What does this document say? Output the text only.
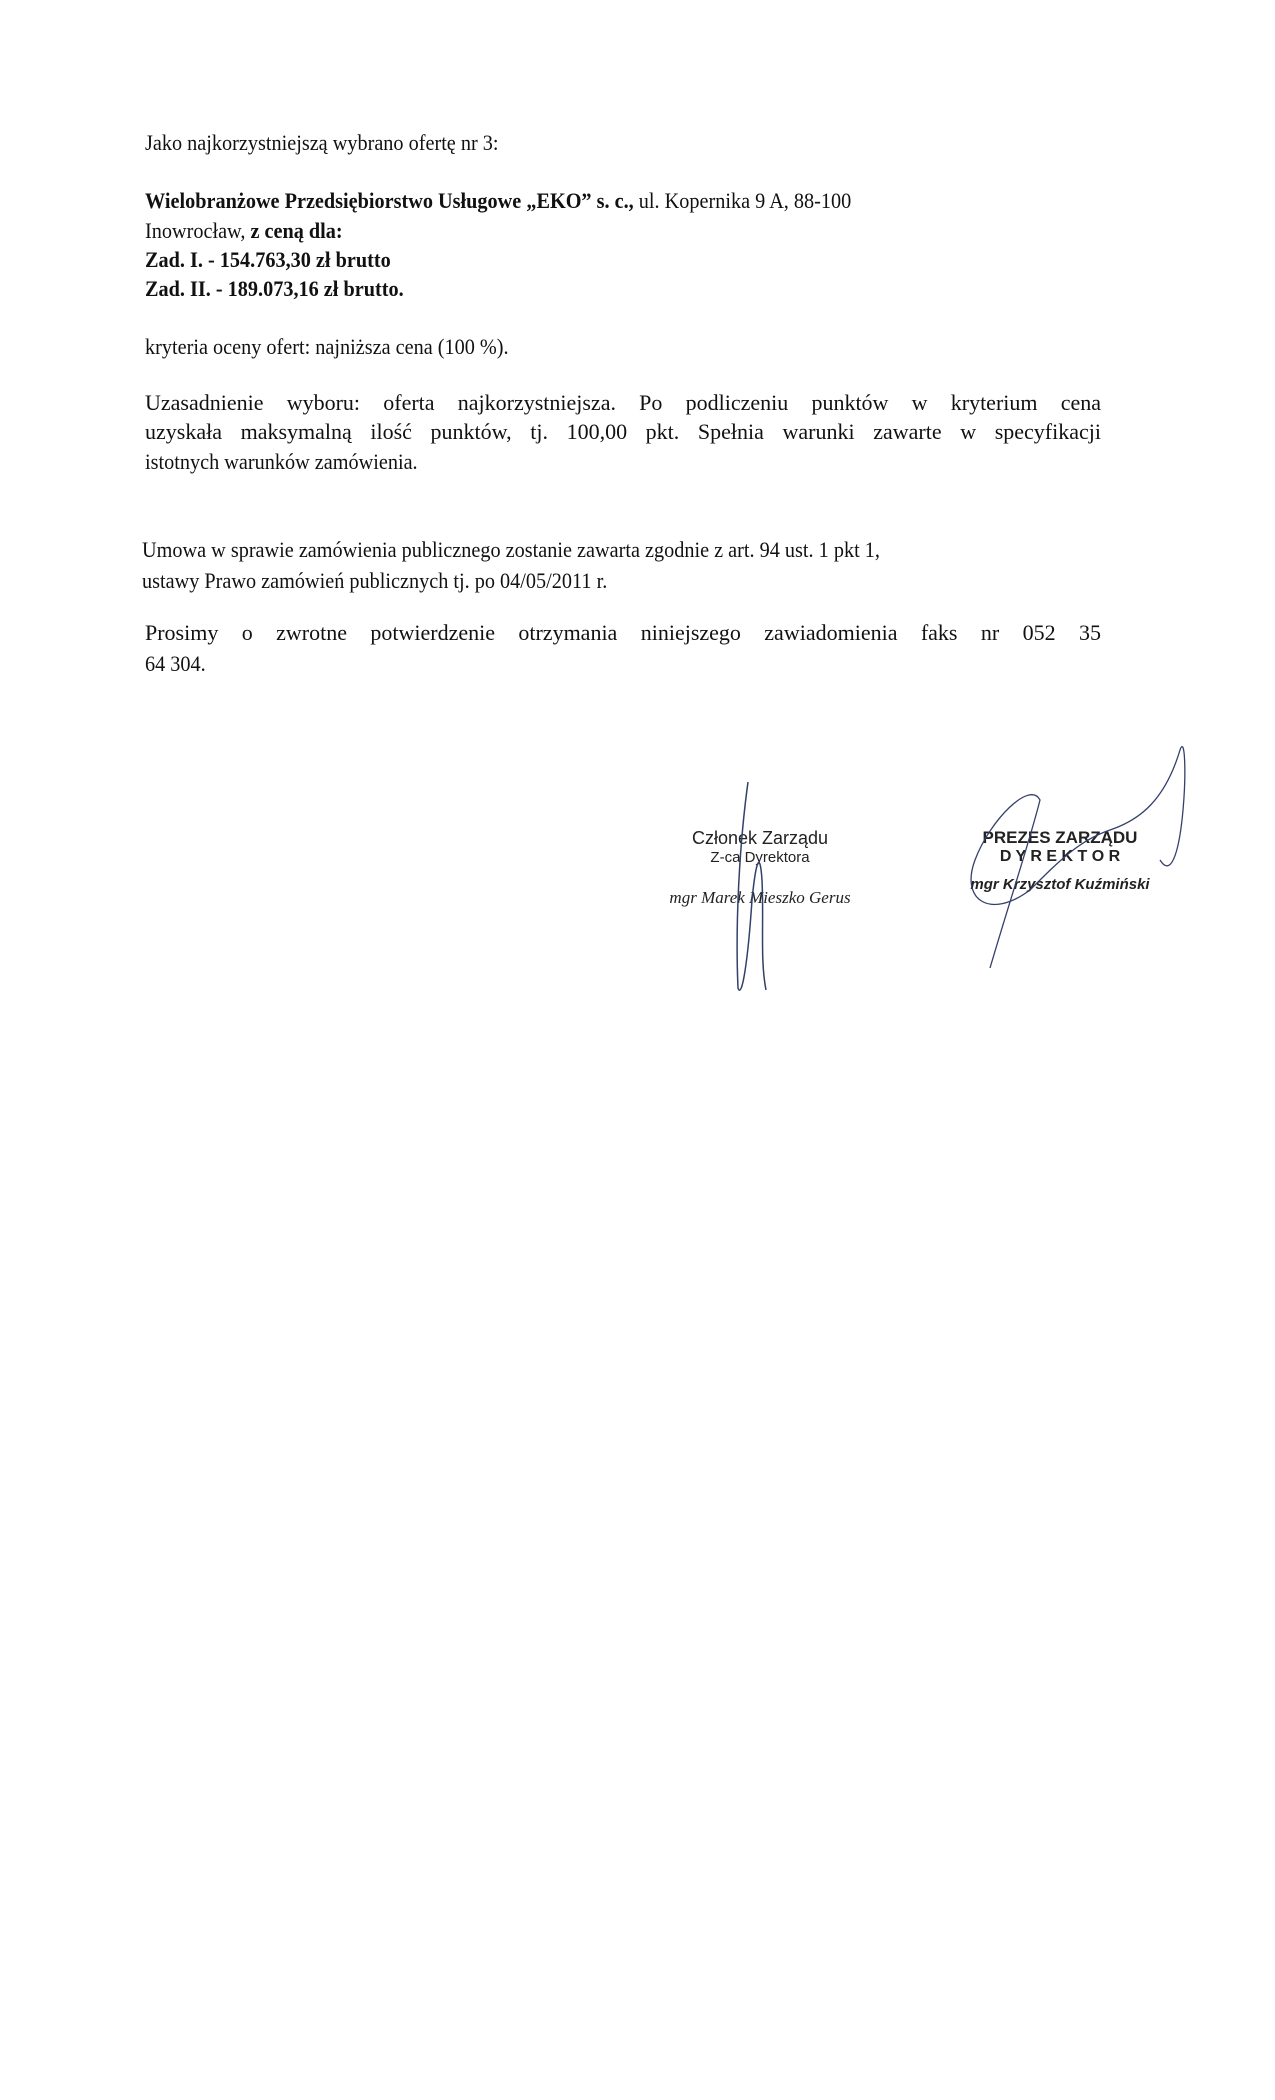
Jako najkorzystniejszą wybrano ofertę nr 3:
Wielobranżowe Przedsiębiorstwo Usługowe „EKO” s. c., ul. Kopernika 9 A, 88-100
Inowrocław, z ceną dla:
Zad. I. - 154.763,30 zł brutto
Zad. II. - 189.073,16 zł brutto.
kryteria oceny ofert: najniższa cena (100 %).
Uzasadnienie wyboru: oferta najkorzystniejsza. Po podliczeniu punktów w kryterium cena
uzyskała maksymalną ilość punktów, tj. 100,00 pkt. Spełnia warunki zawarte w specyfikacji
istotnych warunków zamówienia.
Umowa w sprawie zamówienia publicznego zostanie zawarta zgodnie z art. 94 ust. 1 pkt 1,
ustawy Prawo zamówień publicznych tj. po 04/05/2011 r.
Prosimy o zwrotne potwierdzenie otrzymania niniejszego zawiadomienia faks nr 052 35
64 304.
Członek Zarządu
Z-ca Dyrektora
mgr Marek Mieszko Gerus
PREZES ZARZĄDU
D Y R E K T O R
mgr Krzysztof Kuźmiński
